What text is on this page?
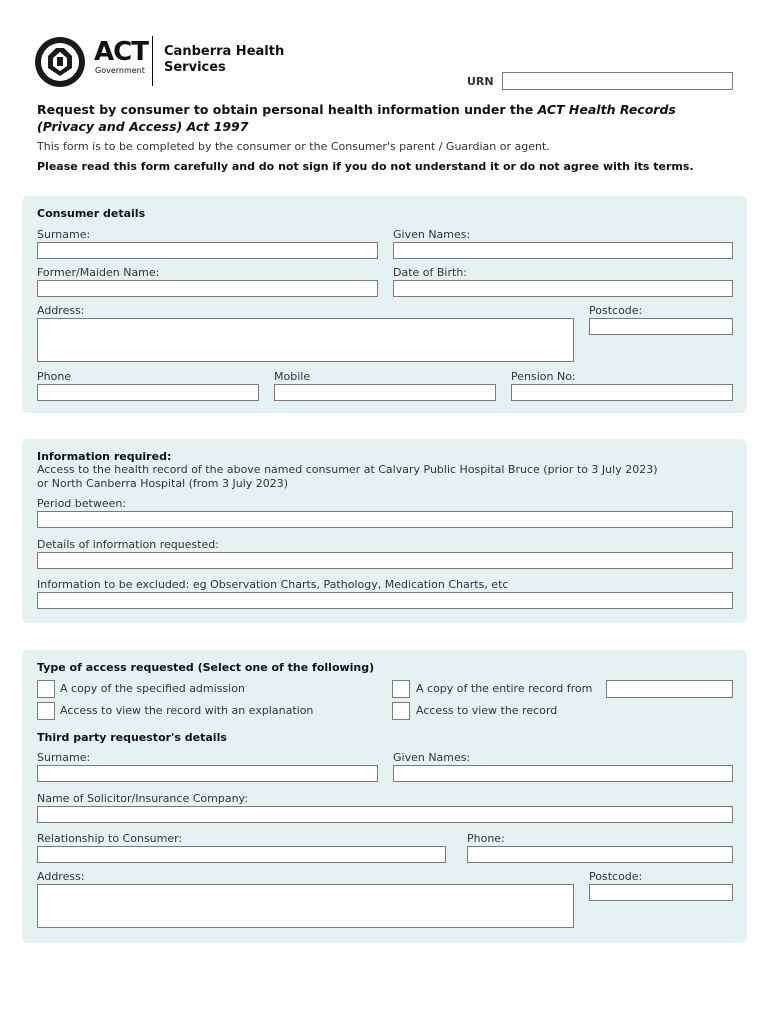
ACT
Government
Canberra Health
Services
URN
Request by consumer to obtain personal health information under the ACT Health Records (Privacy and Access) Act 1997
This form is to be completed by the consumer or the Consumer's parent / Guardian or agent.
Please read this form carefully and do not sign if you do not understand it or do not agree with its terms.
Consumer details
Surname:	Given Names:
Former/Maiden Name:	Date of Birth:
Address:	Postcode:
Phone	Mobile	Pension No:
Information required:
Access to the health record of the above named consumer at Calvary Public Hospital Bruce (prior to 3 July 2023)
or North Canberra Hospital (from 3 July 2023)
Period between:
Details of information requested:
Information to be excluded: eg Observation Charts, Pathology, Medication Charts, etc
Type of access requested (Select one of the following)
A copy of the specified admission	A copy of the entire record from
Access to view the record with an explanation	Access to view the record
Third party requestor's details
Surname:	Given Names:
Name of Solicitor/Insurance Company:
Relationship to Consumer:	Phone:
Address:	Postcode:
